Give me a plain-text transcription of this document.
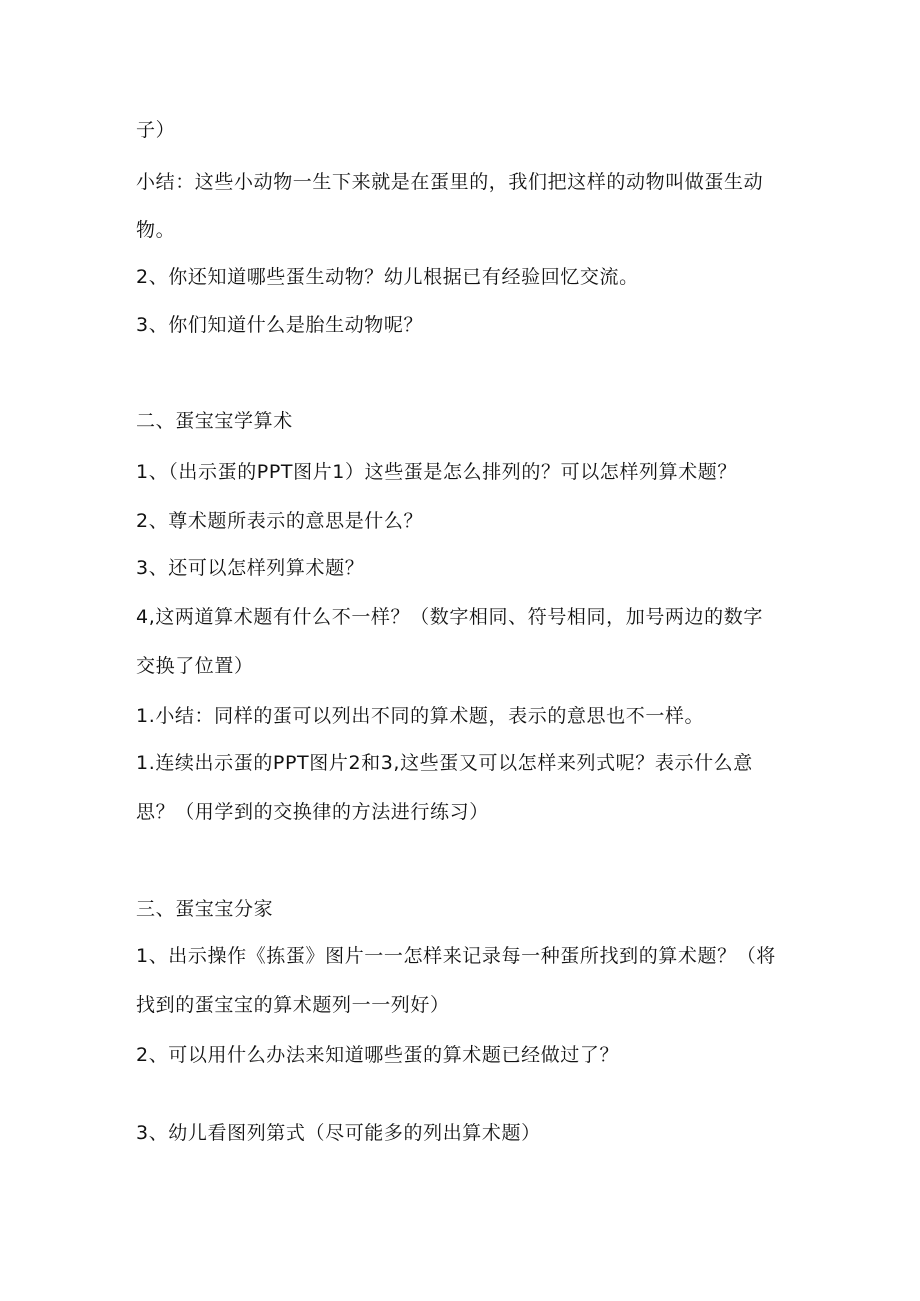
子）
小结：这些小动物一生下来就是在蛋里的，我们把这样的动物叫做蛋生动
物。
2、你还知道哪些蛋生动物？幼儿根据已有经验回忆交流。
3、你们知道什么是胎生动物呢？
二、蛋宝宝学算术
1、（出示蛋的PPT图片1）这些蛋是怎么排列的？可以怎样列算术题？
2、尊术题所表示的意思是什么？
3、还可以怎样列算术题？
4,这两道算术题有什么不一样？（数字相同、符号相同，加号两边的数字
交换了位置）
1.小结：同样的蛋可以列出不同的算术题，表示的意思也不一样。
1.连续出示蛋的PPT图片2和3,这些蛋又可以怎样来列式呢？表示什么意
思？（用学到的交换律的方法进行练习）
三、蛋宝宝分家
1、出示操作《拣蛋》图片一一怎样来记录每一种蛋所找到的算术题？（将
找到的蛋宝宝的算术题列一一列好）
2、可以用什么办法来知道哪些蛋的算术题已经做过了？
3、幼儿看图列第式（尽可能多的列出算术题）
